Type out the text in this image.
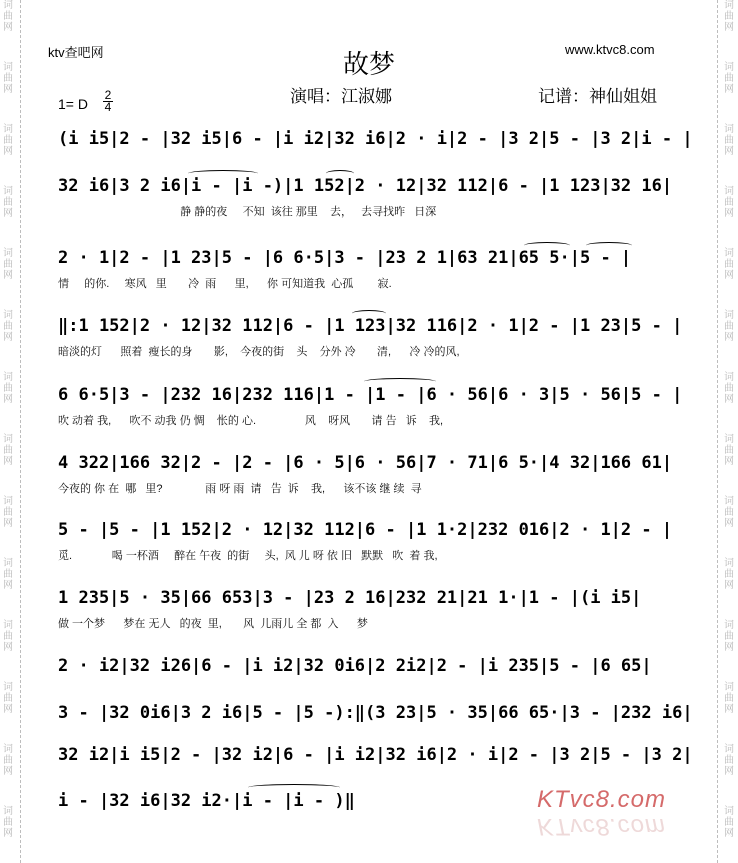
词
曲
网
词
曲
网
词
曲
网
词
曲
网
词
曲
网
词
曲
网
词
曲
网
词
曲
网
词
曲
网
词
曲
网
词
曲
网
词
曲
网
词
曲
网
词
曲
网
词
曲
网
词
曲
网
词
曲
网
词
曲
网
词
曲
网
词
曲
网
词
曲
网
词
曲
网
词
曲
网
词
曲
网
词
曲
网
词
曲
网
词
曲
网
词
曲
网
ktv查吧网	www.ktvc8.com
故梦
演唱：江淑娜	记谱：神仙姐姐
1= D
2
4
(i i5|2 - |32 i5|6 - |i i2|32 i6|2 · i|2 - |3 2|5 - |3 2|i - |
32 i6|3 2 i6|i - |i -)|1 152|2 · 12|32 112|6 - |1 123|32 16|
静 静的夜     不知  该往 那里    去，   去寻找昨   日深
2 · 1|2 - |1 23|5 - |6 6·5|3 - |23 2 1|63 21|65 5·|5 - |
情     的你.     寒风   里       冷  雨      里,      你 可知道我  心孤        寂.
‖:1 152|2 · 12|32 112|6 - |1 123|32 116|2 · 1|2 - |1 23|5 - |
暗淡的灯      照着  瘦长的身       影,    今夜的街    头    分外 冷       清,      冷 冷的风,
6 6·5|3 - |232 16|232 116|1 - |1 - |6 · 56|6 · 3|5 · 56|5 - |
吹 动着 我,      吹不 动我 仍 惆    怅的 心.                风    呀风       请 告   诉    我,
4 322|166 32|2 - |2 - |6 · 5|6 · 56|7 · 71|6 5·|4 32|166 61|
今夜的 你 在  哪   里?              雨 呀 雨  请   告  诉    我,      该不该 继 续  寻
5 - |5 - |1 152|2 · 12|32 112|6 - |1 1·2|232 016|2 · 1|2 - |
觅.             喝 一杯酒     醉在 午夜  的街     头,  风 儿 呀 依 旧   默默   吹  着 我,
1 235|5 · 35|66 653|3 - |23 2 16|232 21|21 1·|1 - |(i i5|
做 一个梦      梦在 无人   的夜  里,       风  儿雨儿 全 都  入      梦
2 · i2|32 i26|6 - |i i2|32 0i6|2 2i2|2 - |i 235|5 - |6 65|
3 - |32 0i6|3 2 i6|5 - |5 -):‖(3 23|5 · 35|66 65·|3 - |232 i6|
32 i2|i i5|2 - |32 i2|6 - |i i2|32 i6|2 · i|2 - |3 2|5 - |3 2|
i - |32 i6|32 i2·|i - |i - )‖	KTvc8.com
KTvc8.com
